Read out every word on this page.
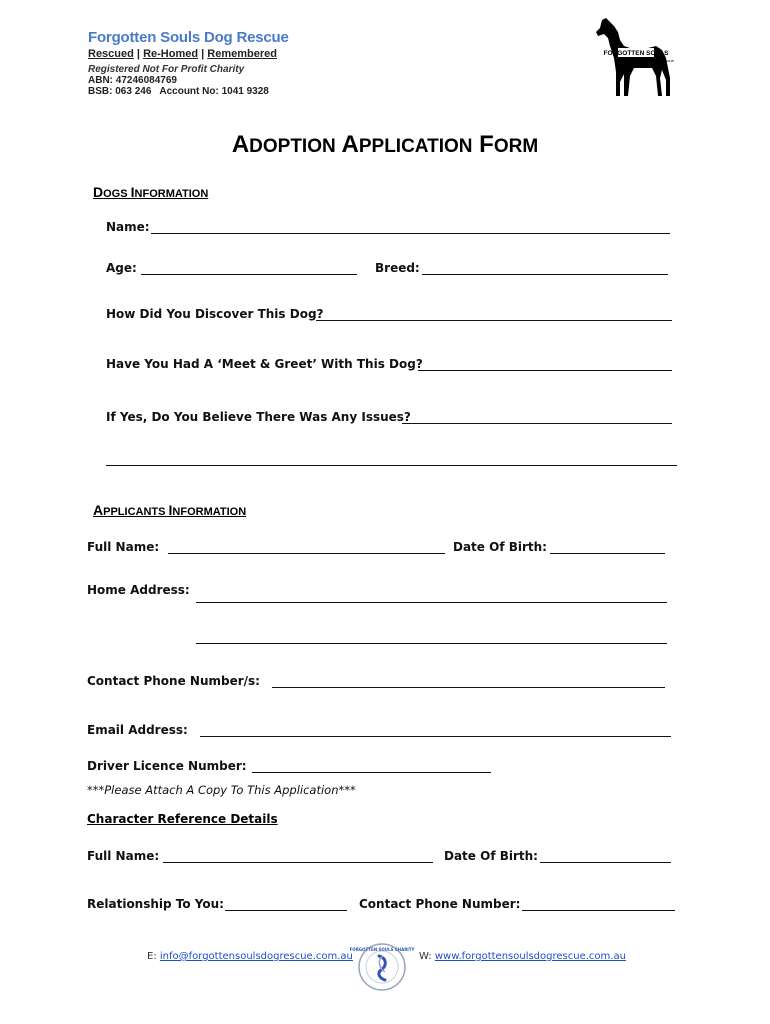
Forgotten Souls Dog Rescue
Rescued | Re-Homed | Remembered
Registered Not For Profit Charity
ABN: 47246084769
BSB: 063 246 Account No: 1041 9328
FORGOTTEN SOULS
dog rescue
ADOPTION APPLICATION FORM
DOGS INFORMATION
Name:
Age:	Breed:
How Did You Discover This Dog?
Have You Had A ‘Meet & Greet’ With This Dog?
If Yes, Do You Believe There Was Any Issues?
APPLICANTS INFORMATION
Full Name:	Date Of Birth:
Home Address:
Contact Phone Number/s:
Email Address:
Driver Licence Number:
***Please Attach A Copy To This Application***
Character Reference Details
Full Name:	Date Of Birth:
Relationship To You:	Contact Phone Number:
E: info@forgottensoulsdogrescue.com.au
FORGOTTEN SOULS CHARITY
W: www.forgottensoulsdogrescue.com.au
